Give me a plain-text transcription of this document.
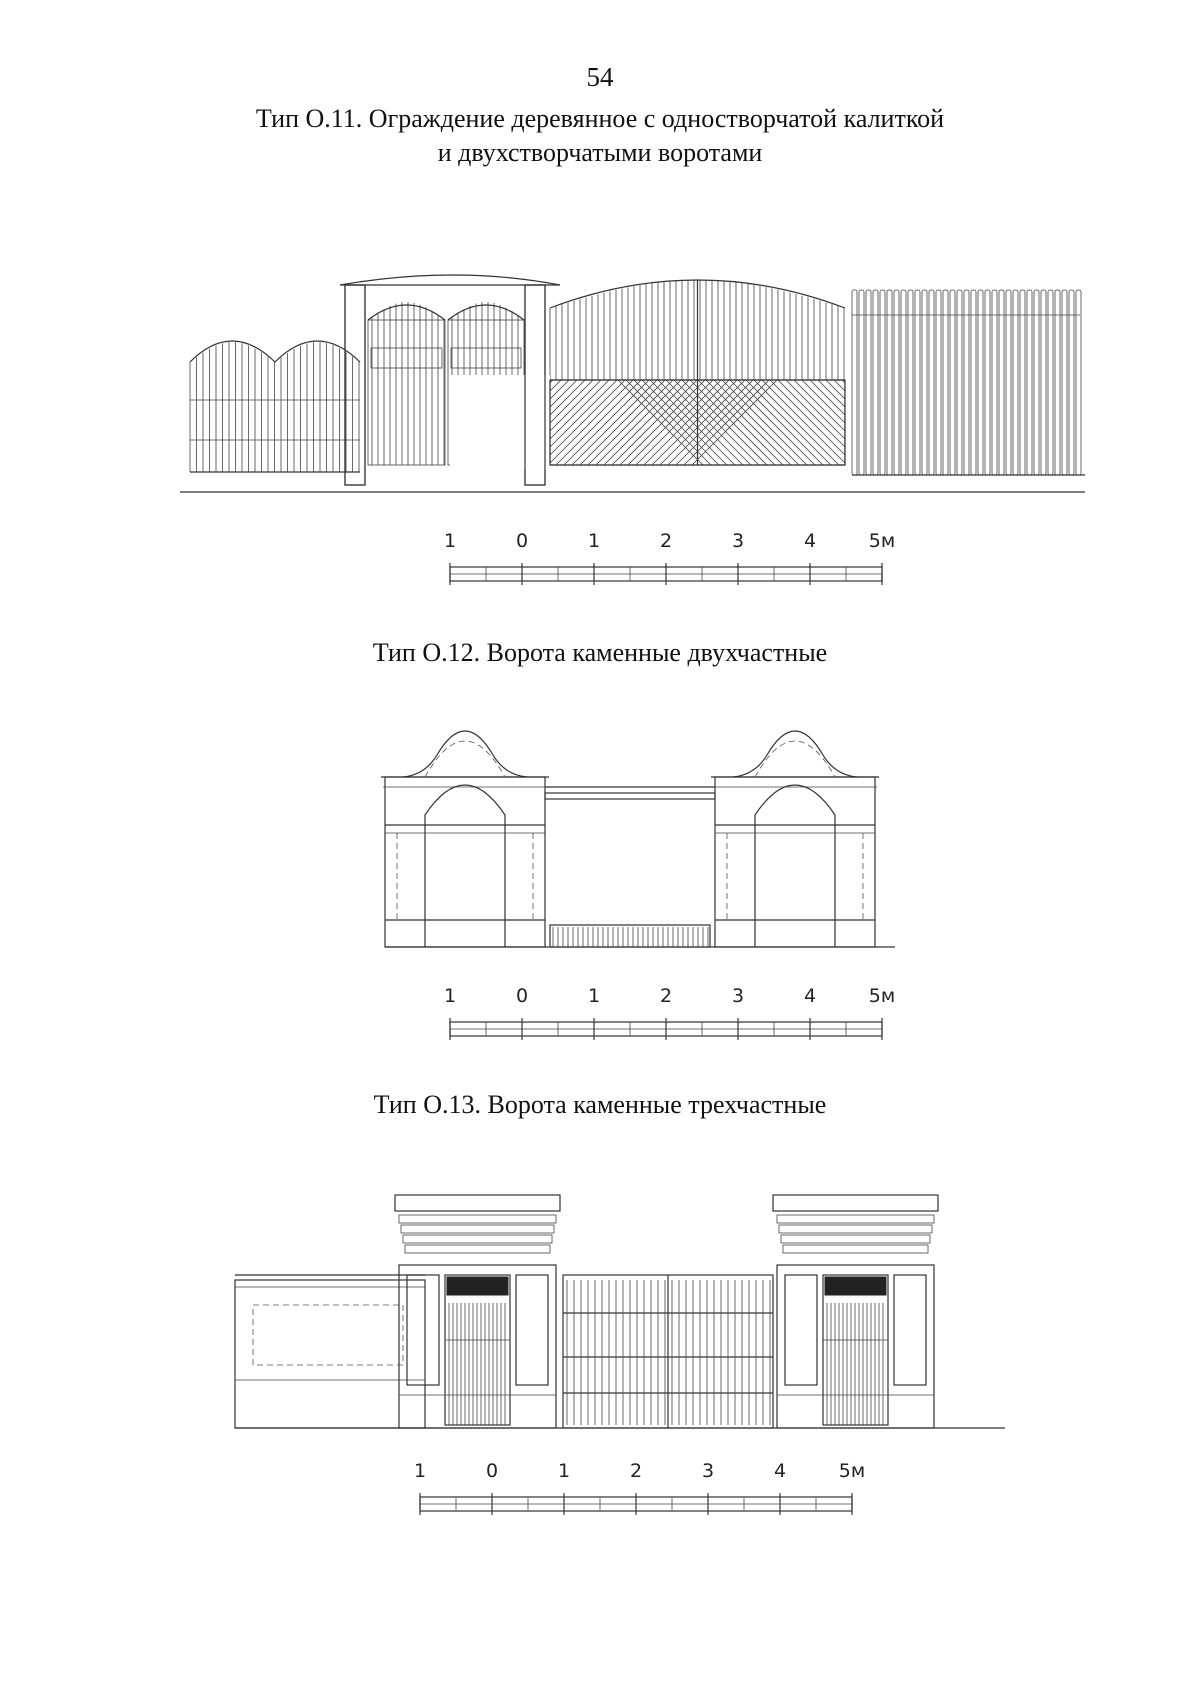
54
Тип О.11. Ограждение деревянное с одностворчатой калиткой
и двухстворчатыми воротами
1	0	1	2	3	4	5м
Тип О.12. Ворота каменные двухчастные
1	0	1	2	3	4	5м
Тип О.13. Ворота каменные трехчастные
1	0	1	2	3	4	5м
